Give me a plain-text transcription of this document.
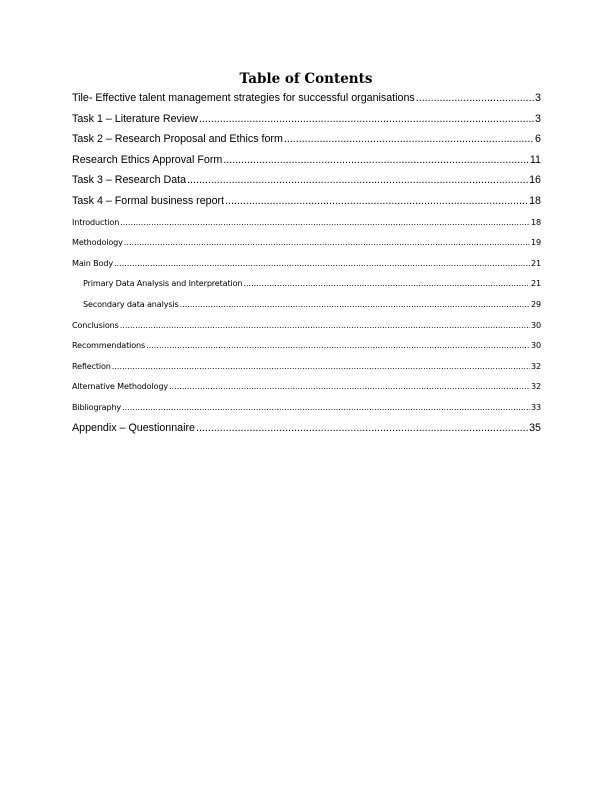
Table of Contents
Tile- Effective talent management strategies for successful organisations .....	3
Task 1 – Literature Review .....	3
Task 2 – Research Proposal and Ethics form .....	6
Research Ethics Approval Form .....	11
Task 3 – Research Data .....	16
Task 4 – Formal business report .....	18
Introduction .....	18
Methodology .....	19
Main Body .....	21
Primary Data Analysis and Interpretation .....	21
Secondary data analysis .....	29
Conclusions .....	30
Recommendations .....	30
Reflection .....	32
Alternative Methodology .....	32
Bibliography .....	33
Appendix – Questionnaire .....	35
